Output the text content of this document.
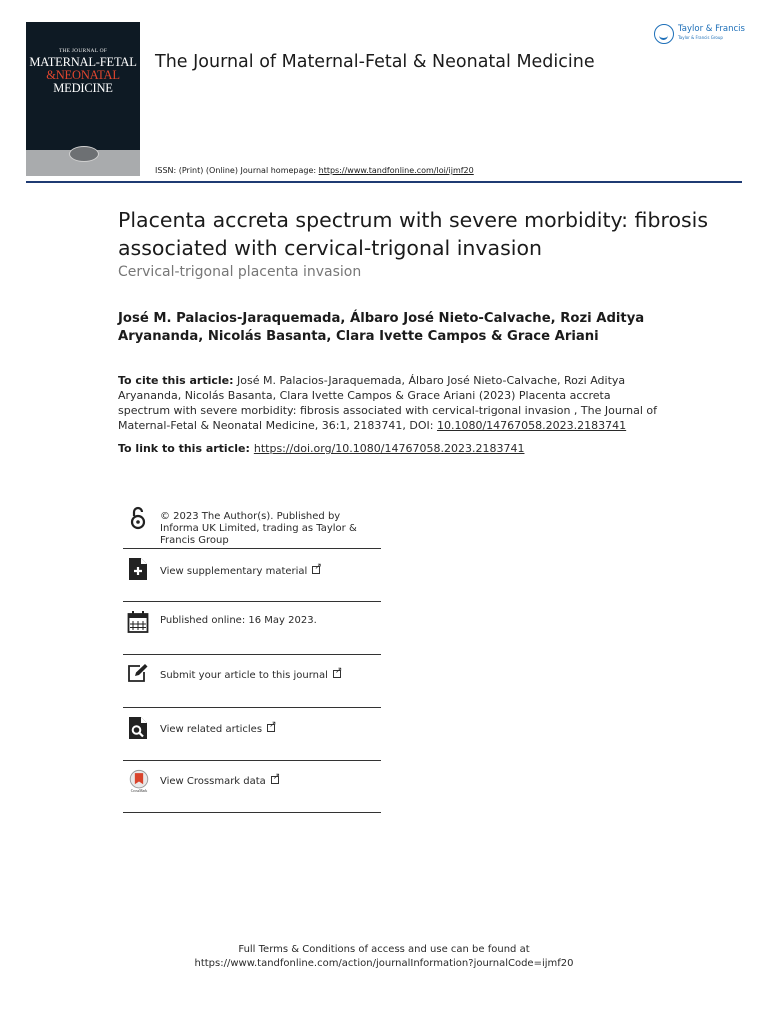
THE JOURNAL OF
MATERNAL-FETAL
&NEONATAL
MEDICINE
The Journal of Maternal-Fetal & Neonatal Medicine
Taylor & Francis
Taylor & Francis Group
ISSN: (Print) (Online) Journal homepage: https://www.tandfonline.com/loi/ijmf20
Placenta accreta spectrum with severe morbidity: fibrosis associated with cervical-trigonal invasion
Cervical-trigonal placenta invasion
José M. Palacios-Jaraquemada, Álbaro José Nieto-Calvache, Rozi Aditya Aryananda, Nicolás Basanta, Clara Ivette Campos & Grace Ariani
To cite this article: José M. Palacios-Jaraquemada, Álbaro José Nieto-Calvache, Rozi Aditya Aryananda, Nicolás Basanta, Clara Ivette Campos & Grace Ariani (2023) Placenta accreta spectrum with severe morbidity: fibrosis associated with cervical-trigonal invasion , The Journal of Maternal-Fetal & Neonatal Medicine, 36:1, 2183741, DOI: 10.1080/14767058.2023.2183741
To link to this article: https://doi.org/10.1080/14767058.2023.2183741
© 2023 The Author(s). Published by Informa UK Limited, trading as Taylor & Francis Group
View supplementary material↗
Published online: 16 May 2023.
Submit your article to this journal↗
View related articles↗
CrossMark
View Crossmark data↗
Full Terms & Conditions of access and use can be found at
https://www.tandfonline.com/action/journalInformation?journalCode=ijmf20
